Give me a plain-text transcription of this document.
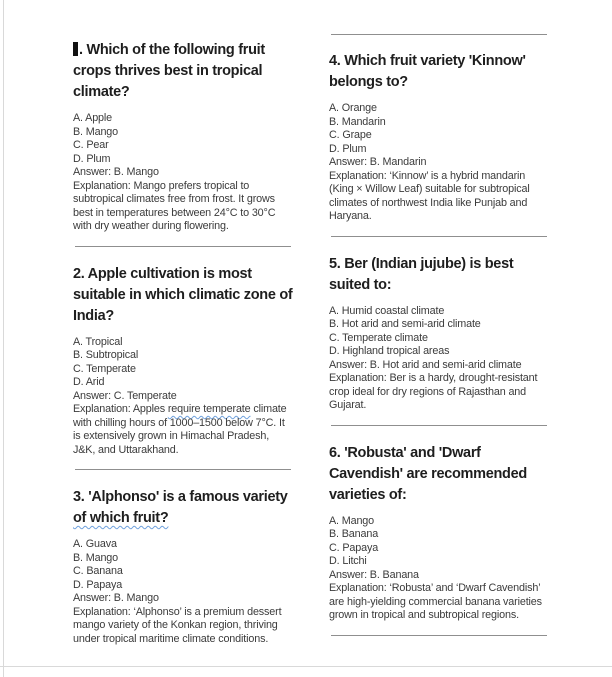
. Which of the following fruit crops thrives best in tropical climate?
A. Apple
B. Mango
C. Pear
D. Plum
Answer: B. Mango

Explanation: Mango prefers tropical to subtropical climates free from frost. It grows best in temperatures between 24°C to 30°C with dry weather during flowering.

2. Apple cultivation is most suitable in which climatic zone of India?
A. Tropical
B. Subtropical
C. Temperate
D. Arid
Answer: C. Temperate

Explanation: Apples require temperate climate with chilling hours of 1000–1500 below 7°C. It is extensively grown in Himachal Pradesh, J&K, and Uttarakhand.

3. 'Alphonso' is a famous variety of which fruit?
A. Guava
B. Mango
C. Banana
D. Papaya
Answer: B. Mango

Explanation: ‘Alphonso’ is a premium dessert mango variety of the Konkan region, thriving under tropical maritime climate conditions.

4. Which fruit variety 'Kinnow' belongs to?
A. Orange
B. Mandarin
C. Grape
D. Plum
Answer: B. Mandarin

Explanation: ‘Kinnow’ is a hybrid mandarin (King × Willow Leaf) suitable for subtropical climates of northwest India like Punjab and Haryana.

5. Ber (Indian jujube) is best suited to:
A. Humid coastal climate
B. Hot arid and semi-arid climate
C. Temperate climate
D. Highland tropical areas
Answer: B. Hot arid and semi-arid climate

Explanation: Ber is a hardy, drought-resistant crop ideal for dry regions of Rajasthan and Gujarat.

6. 'Robusta' and 'Dwarf Cavendish' are recommended varieties of:
A. Mango
B. Banana
C. Papaya
D. Litchi
Answer: B. Banana

Explanation: ‘Robusta’ and ‘Dwarf Cavendish’ are high-yielding commercial banana varieties grown in tropical and subtropical regions.
